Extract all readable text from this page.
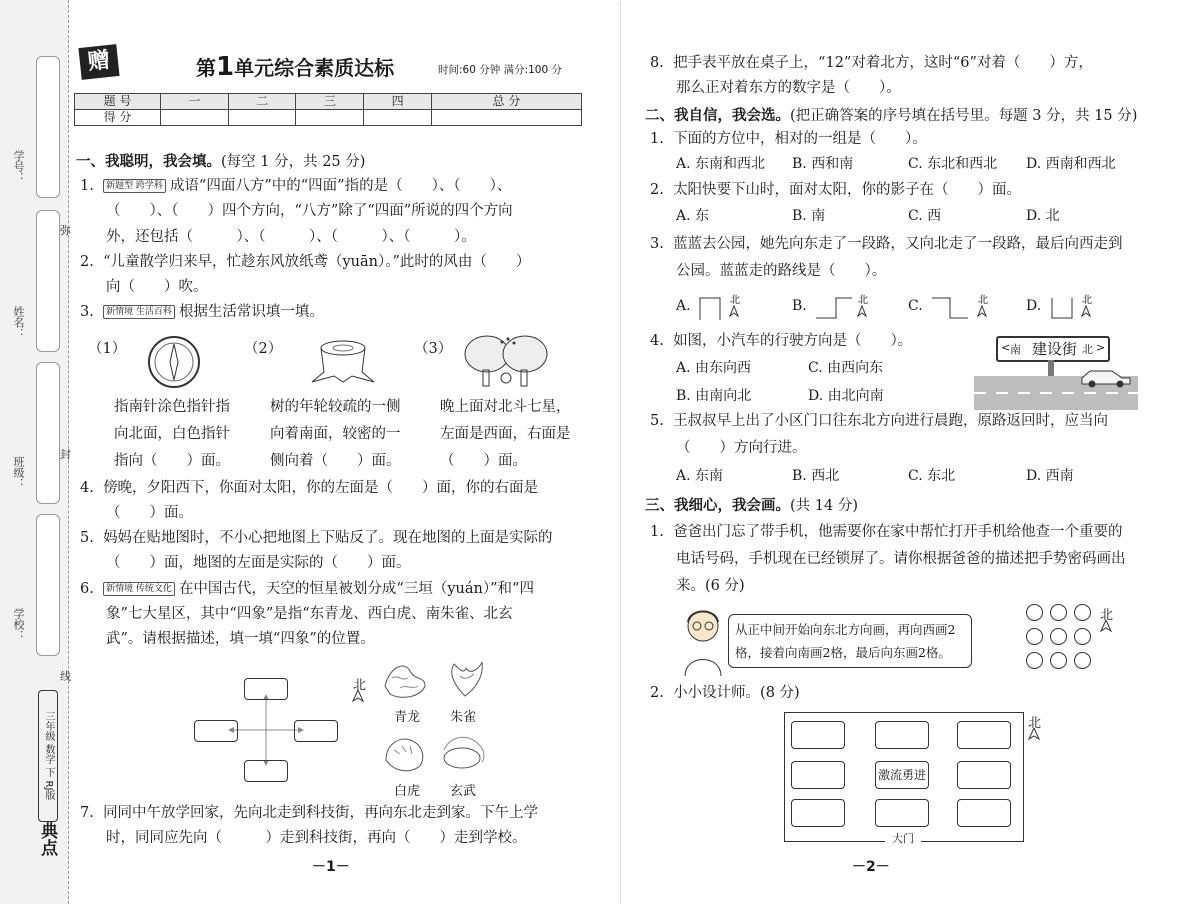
学号：
姓名：
班级：
学校：
弥
封
线
三年级 数学 下 RJ版
典点
赠	第1单元综合素质达标	时间:60 分钟 满分:100 分
题 号	一	二	三	四	总 分
得 分					
一、我聪明，我会填。(每空 1 分，共 25 分)
1.  新题型 跨学科 成语“四面八方”中的“四面”指的是（　　）、（　　）、
（　　）、（　　）四个方向，“八方”除了“四面”所说的四个方向
外，还包括（　　　）、（　　　）、（　　　）、（　　　）。
2.  “儿童散学归来早，忙趁东风放纸鸢（yuān）。”此时的风由（　　）
向（　　）吹。
3.  新情境 生活百科 根据生活常识填一填。
（1）	（2）	（3）
指南针涂色指针指
向北面，白色指针
指向（　　）面。
树的年轮较疏的一侧
向着南面，较密的一
侧向着（　　）面。
晚上面对北斗七星，
左面是西面，右面是
（　　）面。
4.  傍晚，夕阳西下，你面对太阳，你的左面是（　　）面，你的右面是
（　　）面。
5.  妈妈在贴地图时，不小心把地图上下贴反了。现在地图的上面是实际的
（　　）面，地图的左面是实际的（　　）面。
6.  新情境 传统文化 在中国古代，天空的恒星被划分成“三垣（yuán）”和“四
象”七大星区，其中“四象”是指“东青龙、西白虎、南朱雀、北玄
武”。请根据描述，填一填“四象”的位置。
北
青龙 朱雀
白虎 玄武
7.  同同中午放学回家，先向北走到科技街，再向东北走到家。下午上学
时，同同应先向（　　　）走到科技街，再向（　　）走到学校。
－1－
8.  把手表平放在桌子上，“12”对着北方，这时“6”对着（　　）方，
那么正对着东方的数字是（　　）。
二、我自信，我会选。(把正确答案的序号填在括号里。每题 3 分，共 15 分)
1.  下面的方位中，相对的一组是（　　）。
A. 东南和西北 B. 西和南	C. 东北和西北 D. 西南和西北
2.  太阳快要下山时，面对太阳，你的影子在（　　）面。
A. 东	B. 南	C. 西	D. 北
3.  蓝蓝去公园，她先向东走了一段路，又向北走了一段路，最后向西走到
公园。蓝蓝走的路线是（　　）。
A.	北	B.	北	C.	北	D.	北
4.  如图，小汽车的行驶方向是（　　）。
A. 由东向西	C. 由西向东
B. 由南向北	D. 由北向南
< 南 建设街 北 >
5.  王叔叔早上出了小区门口往东北方向进行晨跑，原路返回时，应当向
（　　）方向行进。
A. 东南	B. 西北	C. 东北	D. 西南
三、我细心，我会画。(共 14 分)
1.  爸爸出门忘了带手机，他需要你在家中帮忙打开手机给他查一个重要的
电话号码，手机现在已经锁屏了。请你根据爸爸的描述把手势密码画出
来。(6 分)
从正中间开始向东北方向画，再向西画2
格，接着向南画2格，最后向东画2格。
北
2.  小小设计师。(8 分)
激流勇进
大门
北
－2－
